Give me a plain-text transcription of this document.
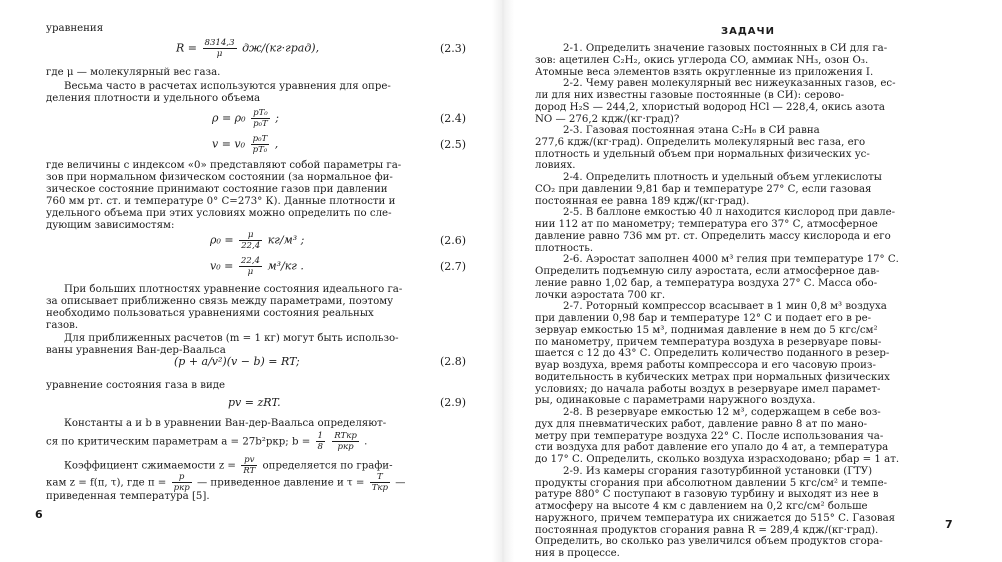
уравнения
$R = \frac{8314,3}{\mu}$ дж/(кг·град),	(2.3)
где μ — молекулярный вес газа.
Весьма часто в расчетах используются уравнения для опре-
деления плотности и удельного объема
$\rho = \rho_0 \frac{\text{pT₀}}{\text{p₀T}}$ ;	(2.4)
$v = v_0 \frac{\text{p₀T}}{\text{pT₀}}$ ,	(2.5)
где величины с индексом «0» представляют собой параметры га-
зов при нормальном физическом состоянии (за нормальное фи-
зическое состояние принимают состояние газов при давлении
760 мм рт. ст. и температуре 0° С=273° К). Данные плотности и
удельного объема при этих условиях можно определить по сле-
дующим зависимостям:
$\rho_0 = \frac{\mu}{22,4} кг/м^3$ ;	(2.6)
$v_0 = \frac{22,4}{\mu} м^3/кг$ .	(2.7)
При больших плотностях уравнение состояния идеального га-
за описывает приближенно связь между параметрами, поэтому
необходимо пользоваться уравнениями состояния реальных
газов.
Для приближенных расчетов (m = 1 кг) могут быть использо-
ваны уравнения Ван-дер-Ваальса
(p + a/v²)(v − b) = RT;	(2.8)
уравнение состояния газа в виде
pv = zRT.	(2.9)
Константы a и b в уравнении Ван-дер-Ваальса определяют-
ся по критическим параметрам a = 27b²pкр; $b = \frac{1}{8}$
$\frac{\text{RTкр}}{\text{pкр}}$ .
Коэффициент сжимаемости $z = \frac{pv}{RT}$ определяется по графи-
кам z = f(π, τ), где $\pi = \frac{p}{\text{pкр}}$ — приведенное давление и $\tau = \frac{T}{\text{Tкр}}$ —
приведенная температура [5].
6
ЗАДАЧИ
2-1. Определить значение газовых постоянных в СИ для га-
зов: ацетилен C₂H₂, окись углерода CO, аммиак NH₃, озон O₃.
Атомные веса элементов взять округленные из приложения I.
2-2. Чему равен молекулярный вес нижеуказанных газов, ес-
ли для них известны газовые постоянные (в СИ): серово-
дород H₂S — 244,2, хлористый водород HCl — 228,4, окись азота
NO — 276,2 кдж/(кг·град)?
2-3. Газовая постоянная этана C₂H₆ в СИ равна
277,6 кдж/(кг·град). Определить молекулярный вес газа, его
плотность и удельный объем при нормальных физических ус-
ловиях.
2-4. Определить плотность и удельный объем углекислоты
CO₂ при давлении 9,81 бар и температуре 27° С, если газовая
постоянная ее равна 189 кдж/(кг·град).
2-5. В баллоне емкостью 40 л находится кислород при давле-
нии 112 ат по манометру; температура его 37° С, атмосферное
давление равно 736 мм рт. ст. Определить массу кислорода и его
плотность.
2-6. Аэростат заполнен 4000 м³ гелия при температуре 17° С.
Определить подъемную силу аэростата, если атмосферное дав-
ление равно 1,02 бар, а температура воздуха 27° С. Масса обо-
лочки аэростата 700 кг.
2-7. Роторный компрессор всасывает в 1 мин 0,8 м³ воздуха
при давлении 0,98 бар и температуре 12° С и подает его в ре-
зервуар емкостью 15 м³, поднимая давление в нем до 5 кгс/см²
по манометру, причем температура воздуха в резервуаре повы-
шается с 12 до 43° С. Определить количество поданного в резер-
вуар воздуха, время работы компрессора и его часовую произ-
водительность в кубических метрах при нормальных физических
условиях; до начала работы воздух в резервуаре имел парамет-
ры, одинаковые с параметрами наружного воздуха.
2-8. В резервуаре емкостью 12 м³, содержащем в себе воз-
дух для пневматических работ, давление равно 8 ат по мано-
метру при температуре воздуха 22° С. После использования ча-
сти воздуха для работ давление его упало до 4 ат, а температура
до 17° С. Определить, сколько воздуха израсходовано; pбар = 1 ат.
2-9. Из камеры сгорания газотурбинной установки (ГТУ)
продукты сгорания при абсолютном давлении 5 кгс/см² и темпе-
ратуре 880° С поступают в газовую турбину и выходят из нее в
атмосферу на высоте 4 км с давлением на 0,2 кгс/см² больше
наружного, причем температура их снижается до 515° С. Газовая
постоянная продуктов сгорания равна R = 289,4 кдж/(кг·град).
Определить, во сколько раз увеличился объем продуктов сгора-
ния в процессе.
7
